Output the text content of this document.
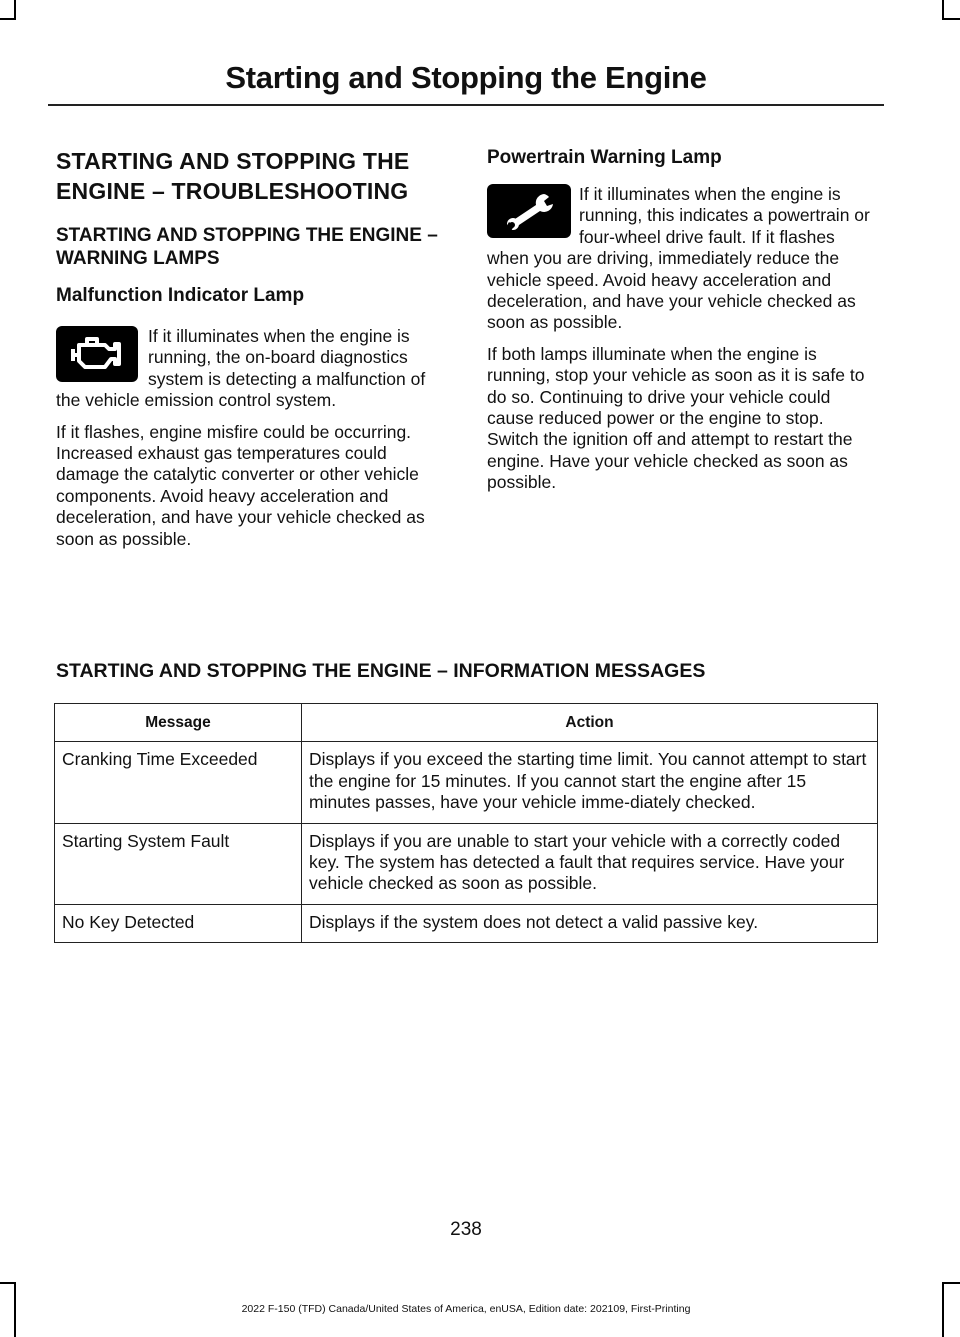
Starting and Stopping the Engine
STARTING AND STOPPING THE ENGINE – TROUBLESHOOTING
STARTING AND STOPPING THE ENGINE – WARNING LAMPS
Malfunction Indicator Lamp

If it illuminates when the engine is running, the on-board diagnostics system is detecting a malfunction of the vehicle emission control system.

If it flashes, engine misfire could be occurring. Increased exhaust gas temperatures could damage the catalytic converter or other vehicle components. Avoid heavy acceleration and deceleration, and have your vehicle checked as soon as possible.

Powertrain Warning Lamp

If it illuminates when the engine is running, this indicates a powertrain or four-wheel drive fault. If it flashes when you are driving, immediately reduce the vehicle speed. Avoid heavy acceleration and deceleration, and have your vehicle checked as soon as possible.

If both lamps illuminate when the engine is running, stop your vehicle as soon as it is safe to do so. Continuing to drive your vehicle could cause reduced power or the engine to stop. Switch the ignition off and attempt to restart the engine. Have your vehicle checked as soon as possible.

STARTING AND STOPPING THE ENGINE – INFORMATION MESSAGES
Message	Action
Cranking Time Exceeded	Displays if you exceed the starting time limit. You cannot attempt to start the engine for 15 minutes. If you cannot start the engine after 15 minutes passes, have your vehicle imme-diately checked.
Starting System Fault	Displays if you are unable to start your vehicle with a correctly coded key. The system has detected a fault that requires service. Have your vehicle checked as soon as possible.
No Key Detected	Displays if the system does not detect a valid passive key.
238
2022 F-150 (TFD) Canada/United States of America, enUSA, Edition date: 202109, First-Printing
